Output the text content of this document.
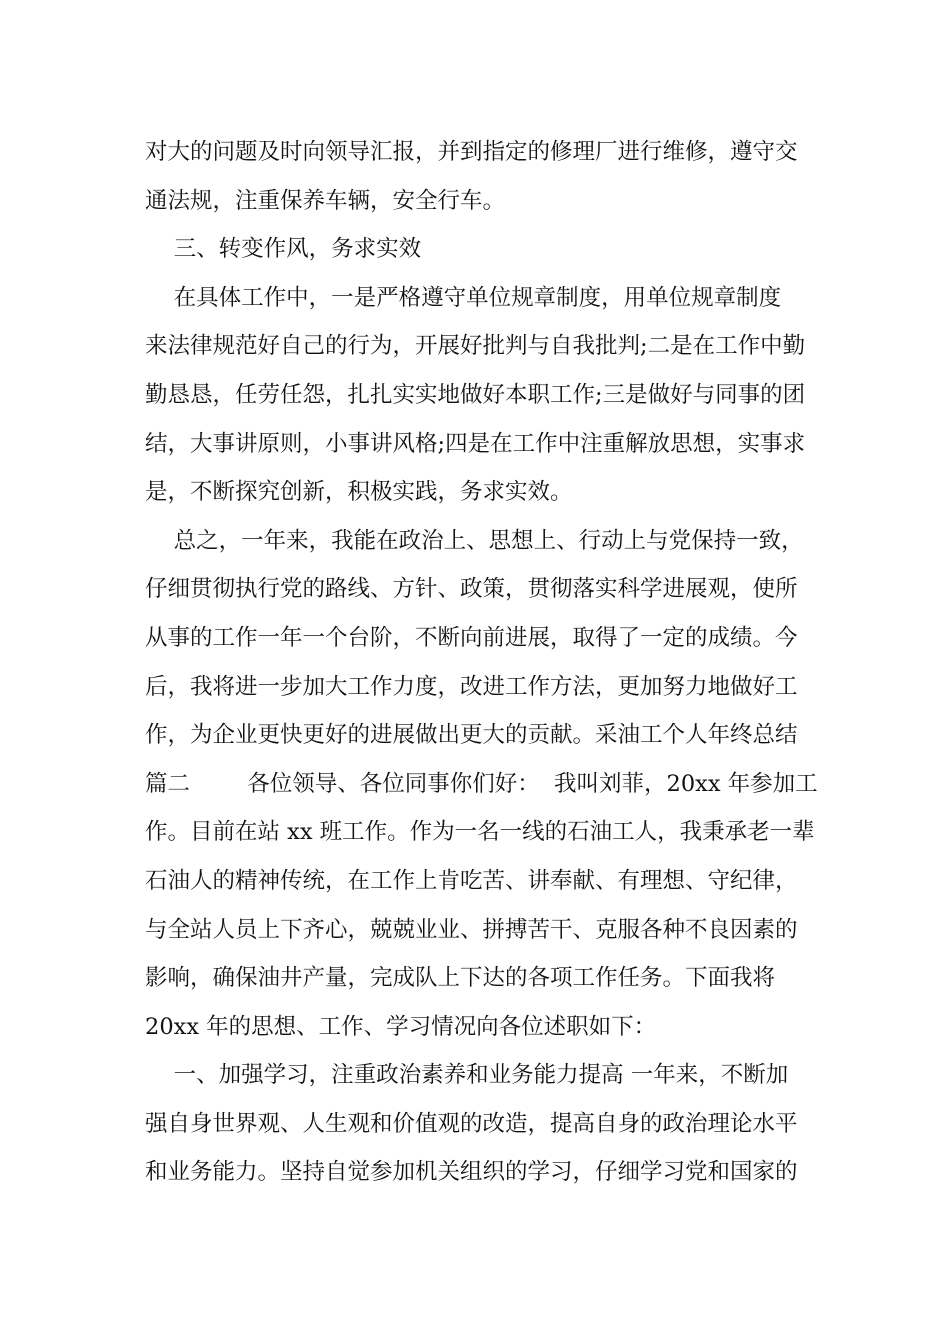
对大的问题及时向领导汇报，并到指定的修理厂进行维修，遵守交
通法规，注重保养车辆，安全行车。
三、转变作风，务求实效
在具体工作中，一是严格遵守单位规章制度，用单位规章制度
来法律规范好自己的行为，开展好批判与自我批判;二是在工作中勤
勤恳恳，任劳任怨，扎扎实实地做好本职工作;三是做好与同事的团
结，大事讲原则，小事讲风格;四是在工作中注重解放思想，实事求
是，不断探究创新，积极实践，务求实效。
总之，一年来，我能在政治上、思想上、行动上与党保持一致，
仔细贯彻执行党的路线、方针、政策，贯彻落实科学进展观，使所
从事的工作一年一个台阶，不断向前进展，取得了一定的成绩。今
后，我将进一步加大工作力度，改进工作方法，更加努力地做好工
作，为企业更快更好的进展做出更大的贡献。采油工个人年终总结
篇二        各位领导、各位同事你们好：  我叫刘菲，20xx 年参加工
作。目前在站 xx 班工作。作为一名一线的石油工人，我秉承老一辈
石油人的精神传统，在工作上肯吃苦、讲奉献、有理想、守纪律，
与全站人员上下齐心，兢兢业业、拼搏苦干、克服各种不良因素的
影响，确保油井产量，完成队上下达的各项工作任务。下面我将
20xx 年的思想、工作、学习情况向各位述职如下：
一、加强学习，注重政治素养和业务能力提高 一年来，不断加
强自身世界观、人生观和价值观的改造，提高自身的政治理论水平
和业务能力。坚持自觉参加机关组织的学习，仔细学习党和国家的
